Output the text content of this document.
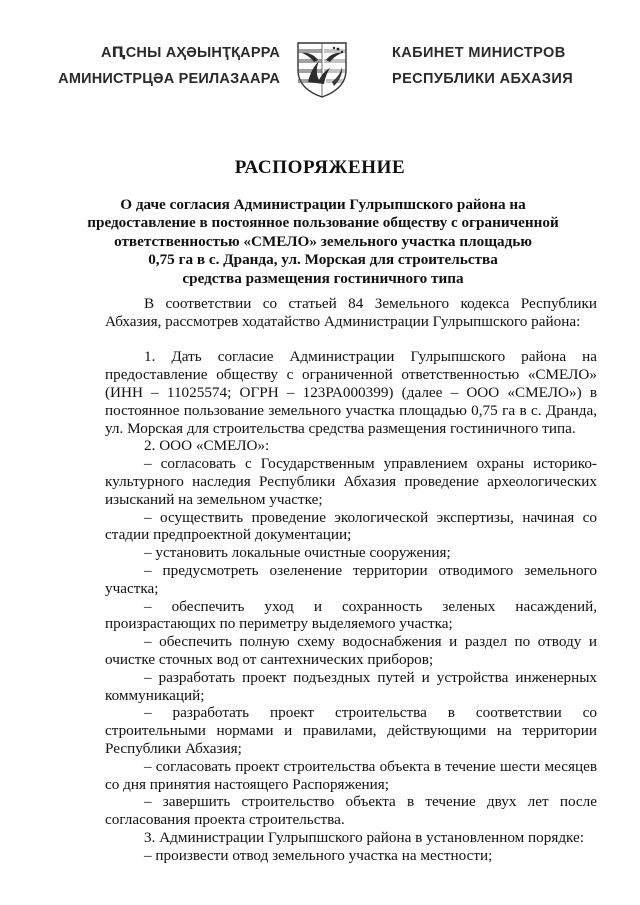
АԤСНЫ АҲӘЫНҬҚАРРА
АМИНИСТРЦӘА РЕИЛАЗААРА
КАБИНЕТ МИНИСТРОВ
РЕСПУБЛИКИ АБХАЗИЯ
РАСПОРЯЖЕНИЕ
О даче согласия Администрации Гулрыпшского района на
предоставление в постоянное пользование обществу с ограниченной
ответственностью «СМЕЛО» земельного участка площадью
0,75 га в с. Дранда, ул. Морская для строительства
средства размещения гостиничного типа

В соответствии со статьей 84 Земельного кодекса Республики Абхазия, рассмотрев ходатайство Администрации Гулрыпшского района:

1. Дать согласие Администрации Гулрыпшского района на предоставление обществу с ограниченной ответственностью «СМЕЛО» (ИНН – 11025574; ОГРН – 123РА000399) (далее – ООО «СМЕЛО») в постоянное пользование земельного участка площадью 0,75 га в с. Дранда, ул. Морская для строительства средства размещения гостиничного типа.

2. ООО «СМЕЛО»:

– согласовать с Государственным управлением охраны историко-культурного наследия Республики Абхазия проведение археологических изысканий на земельном участке;

– осуществить проведение экологической экспертизы, начиная со стадии предпроектной документации;

– установить локальные очистные сооружения;

– предусмотреть озеленение территории отводимого земельного участка;

– обеспечить уход и сохранность зеленых насаждений, произрастающих по периметру выделяемого участка;

– обеспечить полную схему водоснабжения и раздел по отводу и очистке сточных вод от сантехнических приборов;

– разработать проект подъездных путей и устройства инженерных коммуникаций;

– разработать проект строительства в соответствии со строительными нормами и правилами, действующими на территории Республики Абхазия;

– согласовать проект строительства объекта в течение шести месяцев со дня принятия настоящего Распоряжения;

– завершить строительство объекта в течение двух лет после согласования проекта строительства.

3. Администрации Гулрыпшского района в установленном порядке:

– произвести отвод земельного участка на местности;
